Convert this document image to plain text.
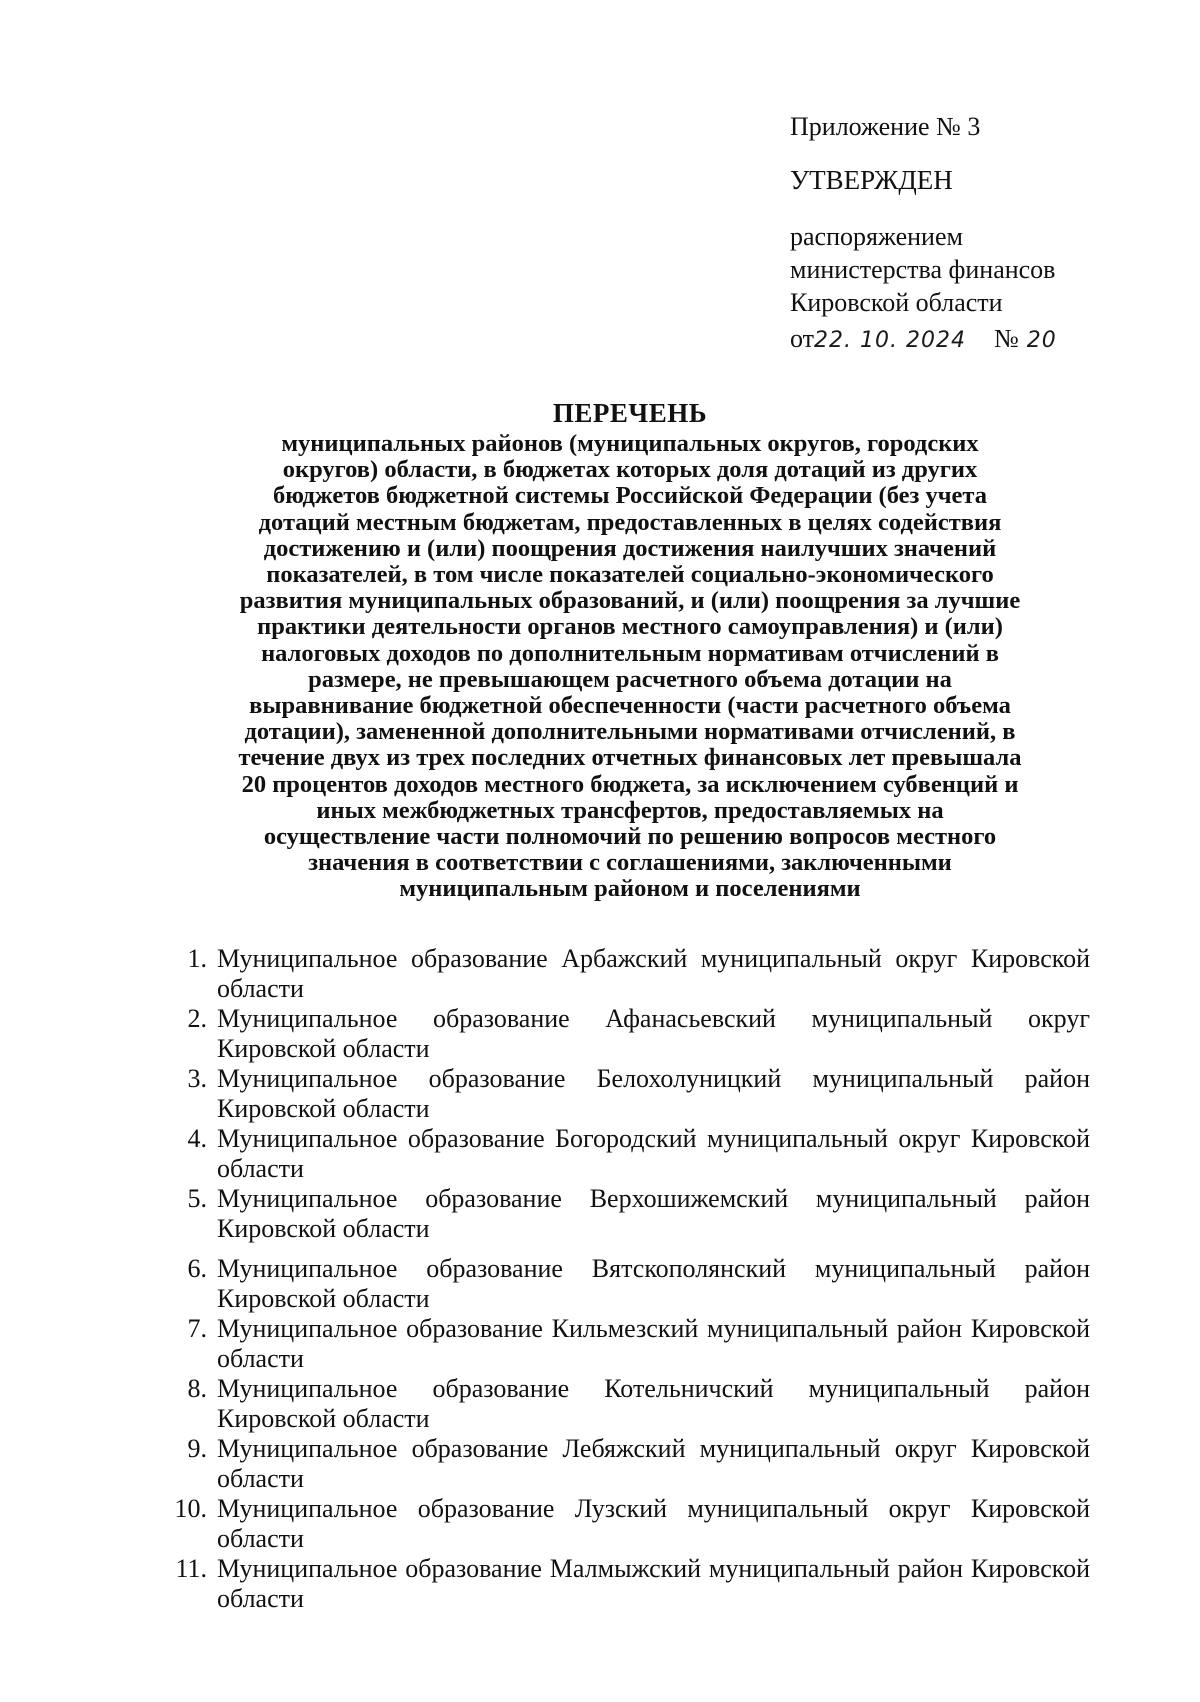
Приложение № 3

УТВЕРЖДЕН

распоряжением

министерства финансов

Кировской области

от 22. 10. 2024 № 20

ПЕРЕЧЕНЬ

муниципальных районов (муниципальных округов, городских

округов) области, в бюджетах которых доля дотаций из других

бюджетов бюджетной системы Российской Федерации (без учета

дотаций местным бюджетам, предоставленных в целях содействия

достижению и (или) поощрения достижения наилучших значений

показателей, в том числе показателей социально-экономического

развития муниципальных образований, и (или) поощрения за лучшие

практики деятельности органов местного самоуправления) и (или)

налоговых доходов по дополнительным нормативам отчислений в

размере, не превышающем расчетного объема дотации на

выравнивание бюджетной обеспеченности (части расчетного объема

дотации), замененной дополнительными нормативами отчислений, в

течение двух из трех последних отчетных финансовых лет превышала

20 процентов доходов местного бюджета, за исключением субвенций и

иных межбюджетных трансфертов, предоставляемых на

осуществление части полномочий по решению вопросов местного

значения в соответствии с соглашениями, заключенными

муниципальным районом и поселениями

1. Муниципальное образование Арбажский муниципальный округ Кировской области
2. Муниципальное образование Афанасьевский муниципальный округ Кировской области
3. Муниципальное образование Белохолуницкий муниципальный район Кировской области
4. Муниципальное образование Богородский муниципальный округ Кировской области
5. Муниципальное образование Верхошижемский муниципальный район Кировской области
6. Муниципальное образование Вятскополянский муниципальный район Кировской области
7. Муниципальное образование Кильмезский муниципальный район Кировской области
8. Муниципальное образование Котельничский муниципальный район Кировской области
9. Муниципальное образование Лебяжский муниципальный округ Кировской области
10. Муниципальное образование Лузский муниципальный округ Кировской области
11. Муниципальное образование Малмыжский муниципальный район Кировской области
